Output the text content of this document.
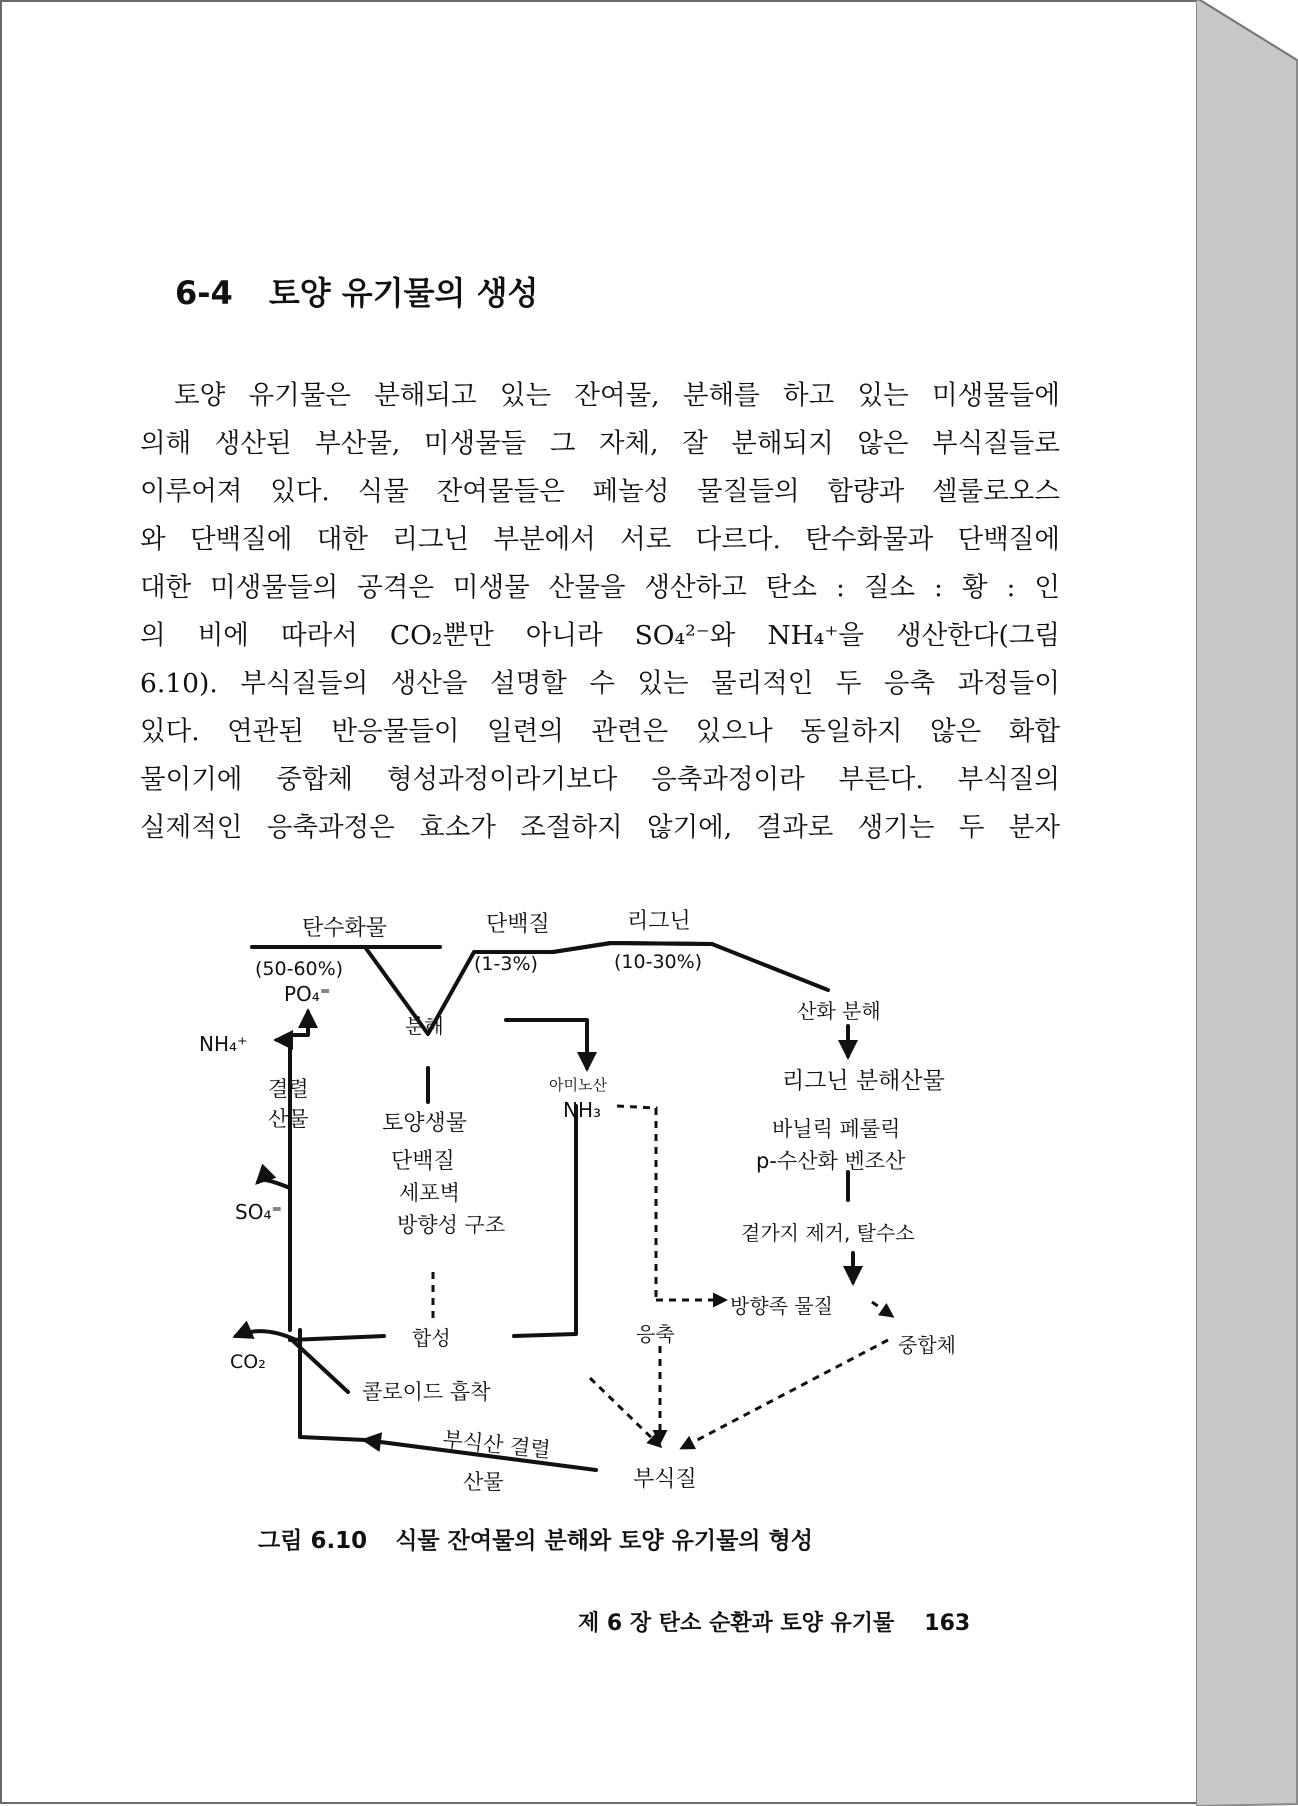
6-4 토양 유기물의 생성

토양 유기물은 분해되고 있는 잔여물, 분해를 하고 있는 미생물들에
의해 생산된 부산물, 미생물들 그 자체, 잘 분해되지 않은 부식질들로
이루어져 있다. 식물 잔여물들은 페놀성 물질들의 함량과 셀룰로오스
와 단백질에 대한 리그닌 부분에서 서로 다르다. 탄수화물과 단백질에
대한 미생물들의 공격은 미생물 산물을 생산하고 탄소 : 질소 : 황 : 인
의 비에 따라서 CO₂뿐만 아니라 SO₄²⁻와 NH₄⁺을 생산한다(그림
6.10). 부식질들의 생산을 설명할 수 있는 물리적인 두 응축 과정들이
있다. 연관된 반응물들이 일련의 관련은 있으나 동일하지 않은 화합
물이기에 중합체 형성과정이라기보다 응축과정이라 부른다. 부식질의
실제적인 응축과정은 효소가 조절하지 않기에, 결과로 생기는 두 분자

탄수화물
(50-60%)
단백질
(1-3%)
리그닌
(10-30%)
PO₄⁼
NH₄⁺
분해
산화 분해
리그닌 분해산물
바닐릭 페룰릭
p-수산화 벤조산
곁가지 제거, 탈수소
방향족 물질
중합체
아미노산
NH₃
결렬
산물
SO₄⁼
토양생물
단백질
세포벽
방향성 구조
합성	응축
CO₂
콜로이드 흡착
부식산 결렬
산물	부식질

그림 6.10 식물 잔여물의 분해와 토양 유기물의 형성

제 6 장 탄소 순환과 토양 유기물 163
